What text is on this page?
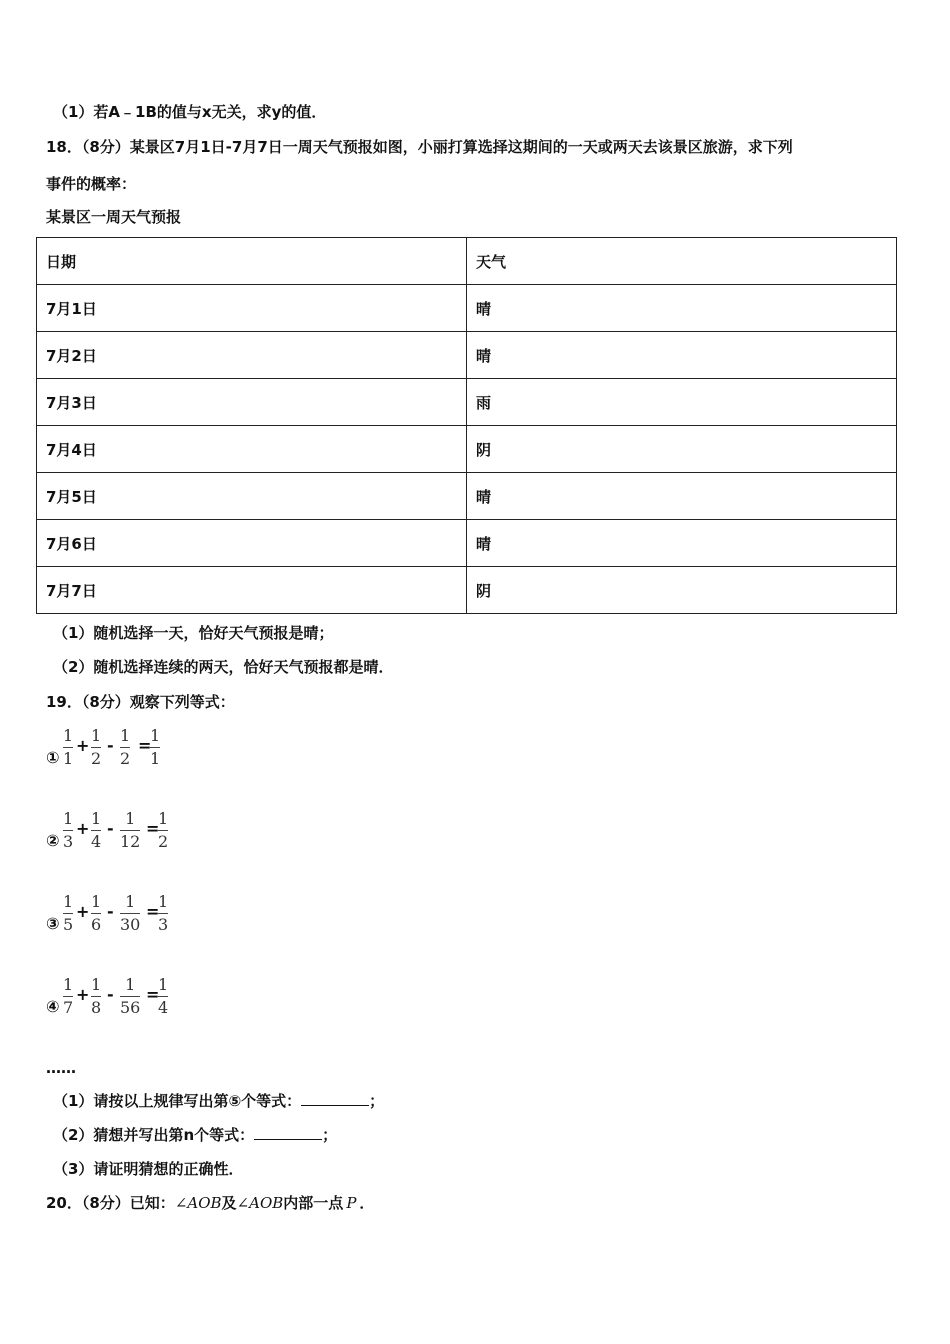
（1）若A﹣1B的值与x无关，求y的值．
18．（8分）某景区7月1日-7月7日一周天气预报如图，小丽打算选择这期间的一天或两天去该景区旅游，求下列
事件的概率：
某景区一周天气预报
日期	天气
7月1日	晴
7月2日	晴
7月3日	雨
7月4日	阴
7月5日	晴
7月6日	晴
7月7日	阴
（1）随机选择一天，恰好天气预报是晴；
（2）随机选择连续的两天，恰好天气预报都是晴．
19．（8分）观察下列等式：
①
1
1
+
1
2
-
1
2
=
1
1
②
1
3
+
1
4
-
1
12
=
1
2
③
1
5
+
1
6
-
1
30
=
1
3
④
1
7
+
1
8
-
1
56
=
1
4
……
（1）请按以上规律写出第⑤个等式：	；
（2）猜想并写出第n个等式：	；
（3）请证明猜想的正确性．
20．（8分）已知：∠AOB及∠AOB内部一点 P ．
